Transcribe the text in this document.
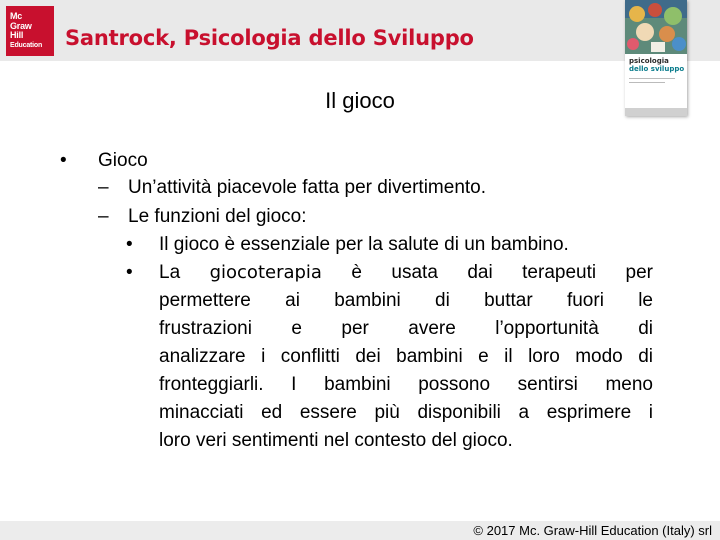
Mc
Graw
Hill
Education	Santrock, Psicologia dello Sviluppo
psicologia
dello sviluppo
Il gioco
• Gioco
– Un’attività piacevole fatta per divertimento.
– Le funzioni del gioco:
• Il gioco è essenziale per la salute di un bambino.
• La giocoterapia è usata dai terapeuti per
permettere ai bambini di buttar fuori le
frustrazioni e per avere l’opportunità di
analizzare i conflitti dei bambini e il loro modo di
fronteggiarli. I bambini possono sentirsi meno
minacciati ed essere più disponibili a esprimere i
loro veri sentimenti nel contesto del gioco.
© 2017 Mc. Graw-Hill Education (Italy) srl
